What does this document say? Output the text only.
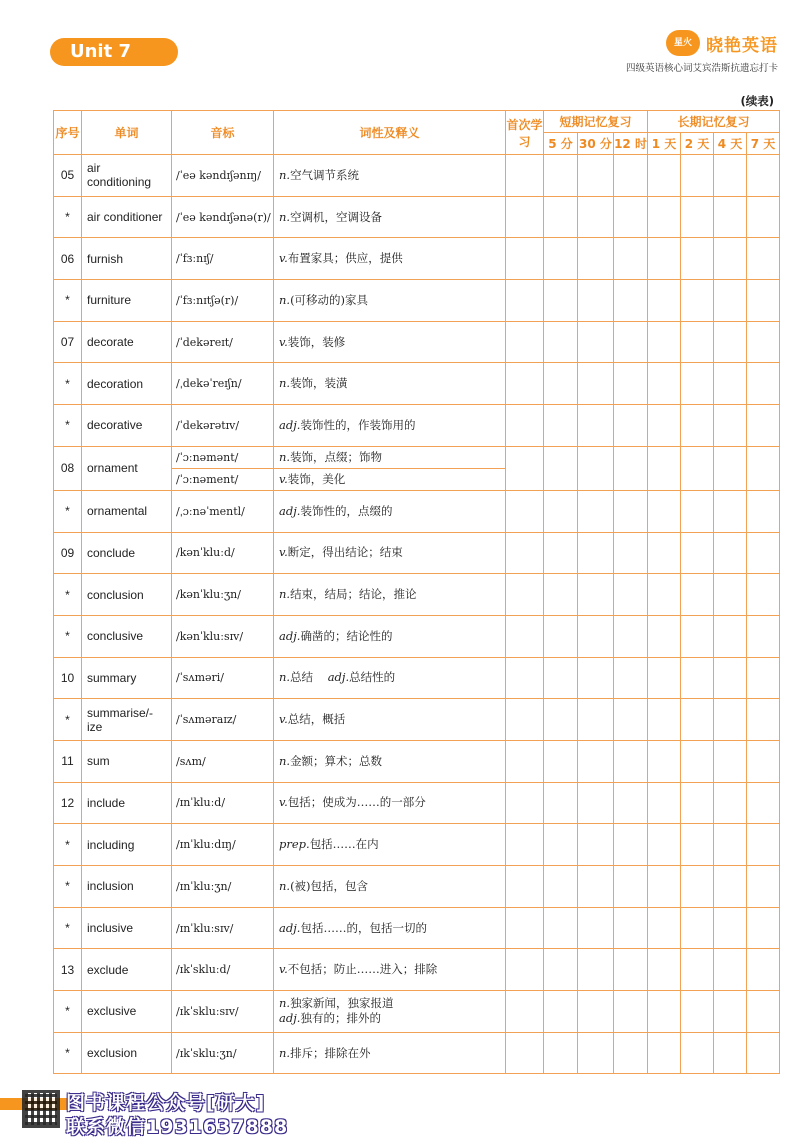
Unit 7	星火 晓艳英语
四级英语核心词艾宾浩斯抗遗忘打卡
(续表)
序号	单词	音标	词性及释义	首次学习	短期记忆复习			长期记忆复习			
					5 分	30 分	12 时	1 天	2 天	4 天	7 天
05	air conditioning	/ˈeə kəndɪʃənɪŋ/	n.空气调节系统								
*	air conditioner	/ˈeə kəndɪʃənə(r)/	n.空调机，空调设备								
06	furnish	/ˈfɜːnɪʃ/	v.布置家具；供应，提供								
*	furniture	/ˈfɜːnɪtʃə(r)/	n.(可移动的)家具								
07	decorate	/ˈdekəreɪt/	v.装饰，装修								
*	decoration	/ˌdekəˈreɪʃn/	n.装饰，装潢								
*	decorative	/ˈdekərətɪv/	adj.装饰性的，作装饰用的								
08	ornament	/ˈɔːnəmənt/	n.装饰，点缀；饰物								
		/ˈɔːnəment/	v.装饰，美化								
*	ornamental	/ˌɔːnəˈmentl/	adj.装饰性的，点缀的								
09	conclude	/kənˈkluːd/	v.断定，得出结论；结束								
*	conclusion	/kənˈkluːʒn/	n.结束，结局；结论，推论								
*	conclusive	/kənˈkluːsɪv/	adj.确凿的；结论性的								
10	summary	/ˈsʌməri/	n.总结 adj.总结性的								
*	summarise/-ize	/ˈsʌməraɪz/	v.总结，概括								
11	sum	/sʌm/	n.金额；算术；总数								
12	include	/ɪnˈkluːd/	v.包括；使成为……的一部分								
*	including	/ɪnˈkluːdɪŋ/	prep.包括……在内								
*	inclusion	/ɪnˈkluːʒn/	n.(被)包括，包含								
*	inclusive	/ɪnˈkluːsɪv/	adj.包括……的，包括一切的								
13	exclude	/ɪkˈskluːd/	v.不包括；防止……进入；排除								
*	exclusive	/ɪkˈskluːsɪv/	n.独家新闻，独家报道
adj.独有的；排外的								
*	exclusion	/ɪkˈskluːʒn/	n.排斥；排除在外								
图书课程公众号[研大]
联系微信1931637888
